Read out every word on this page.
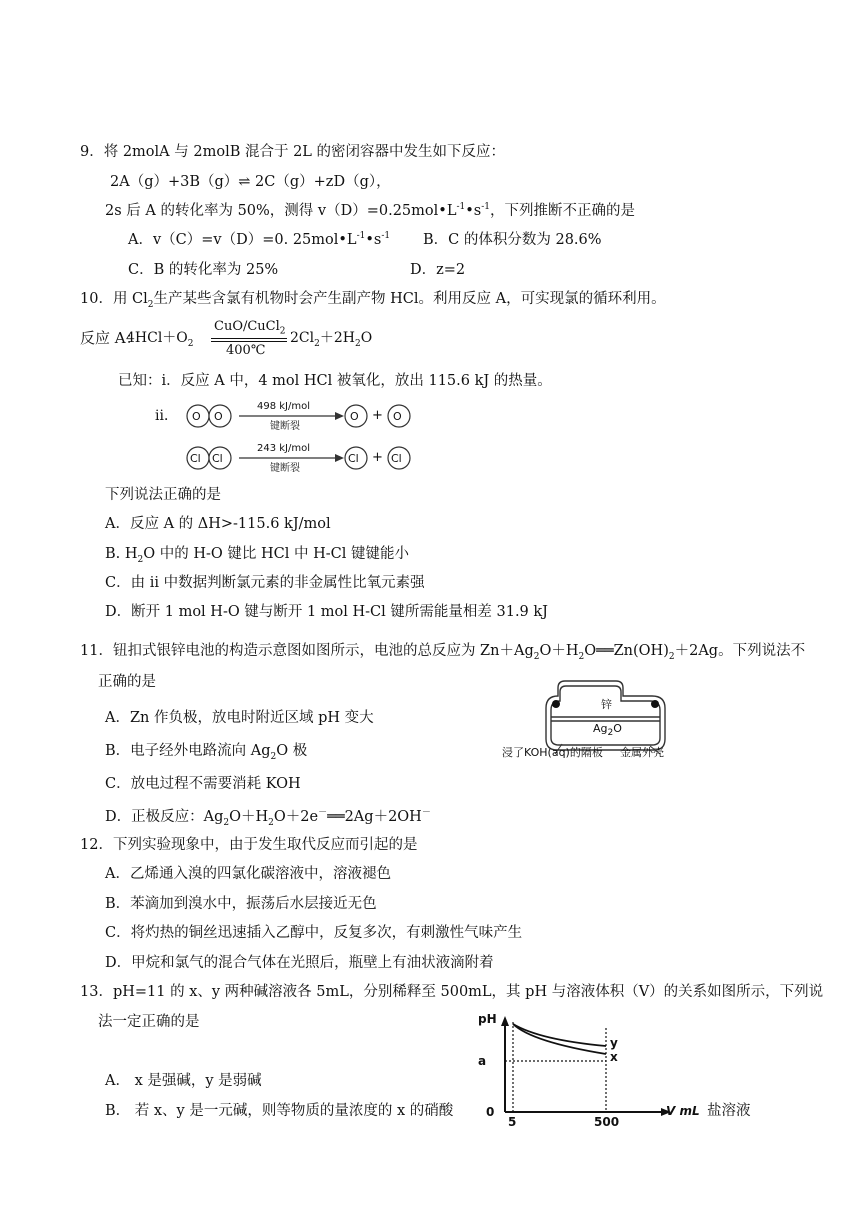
9．将 2molA 与 2molB 混合于 2L 的密闭容器中发生如下反应：
2A（g）+3B（g）⇌ 2C（g）+zD（g），
2s 后 A 的转化率为 50%，测得 $v(D)=0.25mol•L^{-1}•s^{-1}$，下列推断不正确的是
A．v（C）=v（D）=0. $25mol•L^{-1}•s^{-1}$ B．C 的体积分数为 28.6%
C．B 的转化率为 25%	D．z=2
10．用 $Cl_2$生产某些含氯有机物时会产生副产物 HCl。利用反应 A，可实现氯的循环利用。
反应 A：
$4HCl+O_2$
CuO/CuCl$_2$
400℃
$2Cl_2+2H_2O$
已知：i．反应 A 中，4 mol HCl 被氧化，放出 115.6 kJ 的热量。
ii． O O	O	O
+
498 kJ/mol
键断裂
Cl Cl	Cl	Cl
+
243 kJ/mol
键断裂
下列说法正确的是
A．反应 A 的 ΔH>-115.6 kJ/mol
B. $H_2O$ 中的 H-O 键比 HCl 中 H-Cl 键键能小
C．由 ii 中数据判断氯元素的非金属性比氧元素强
D．断开 1 mol H-O 键与断开 1 mol H-Cl 键所需能量相差 31.9 kJ
11．钮扣式银锌电池的构造示意图如图所示，电池的总反应为 $Zn+Ag_2O+H_2O══Zn(OH)_2+2Ag$。下列说法不
正确的是
A．Zn 作负极，放电时附近区域 pH 变大
B．电子经外电路流向 $Ag_2O$ 极
C．放电过程不需要消耗 KOH
D．正极反应：$Ag_2O+H_2O+2e^-══2Ag+2OH^-$
锌
$Ag_2O$
浸了KOH(aq)的隔板 金属外壳
12．下列实验现象中，由于发生取代反应而引起的是
A．乙烯通入溴的四氯化碳溶液中，溶液褪色
B．苯滴加到溴水中，振荡后水层接近无色
C．将灼热的铜丝迅速插入乙醇中，反复多次，有刺激性气味产生
D．甲烷和氯气的混合气体在光照后，瓶壁上有油状液滴附着
13．pH=11 的 x、y 两种碱溶液各 5mL，分别稀释至 500mL，其 pH 与溶液体积（V）的关系如图所示，下列说
法一定正确的是
A． x 是强碱，y 是弱碱
B． 若 x、y 是一元碱，则等物质的量浓度的 x 的硝酸	盐溶液
pH
a
0
5	500
V mL
y
x
